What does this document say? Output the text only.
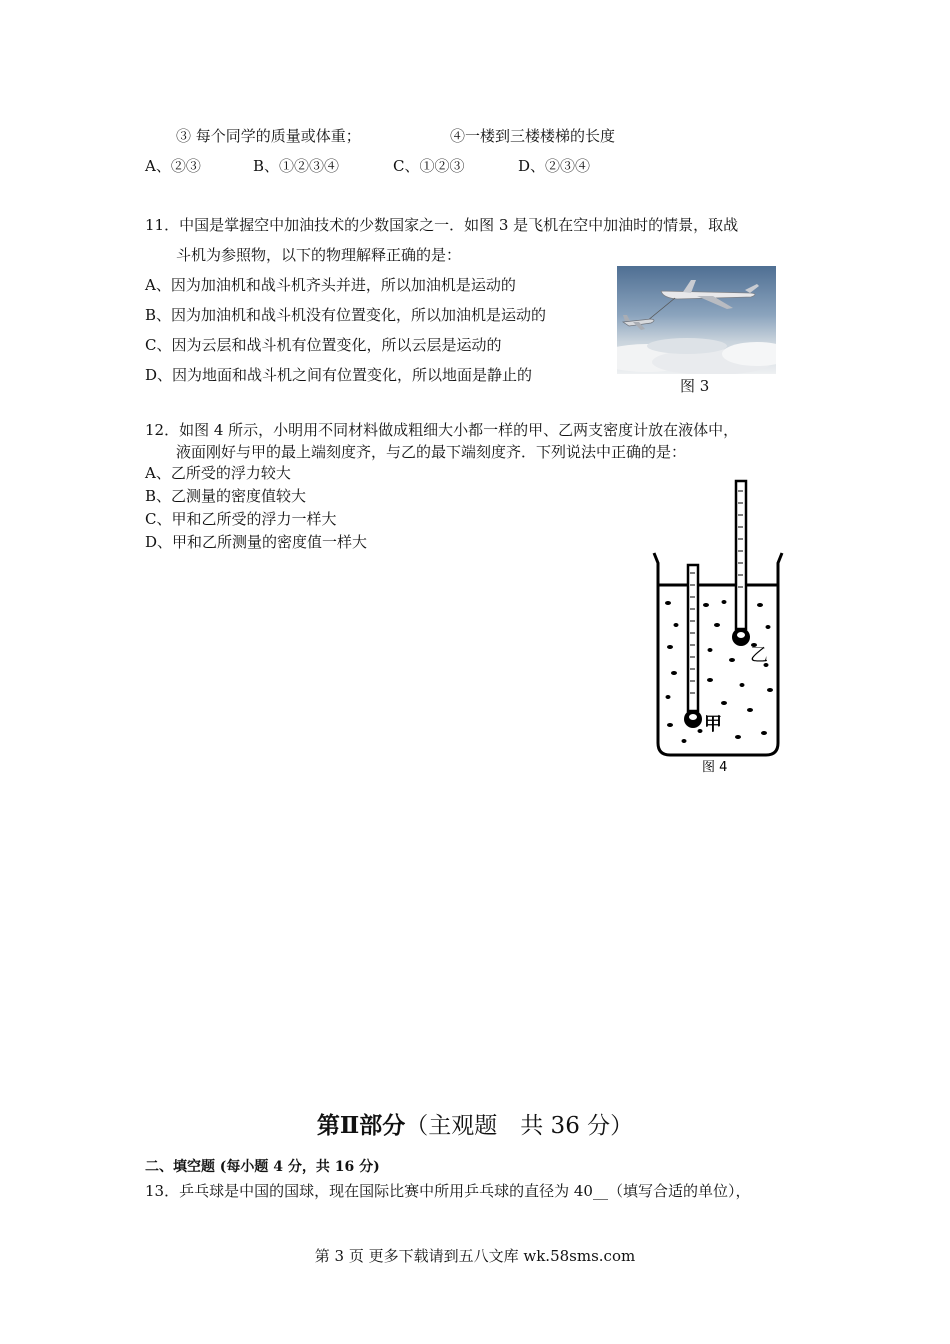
③ 每个同学的质量或体重；	④一楼到三楼楼梯的长度
A、②③	B、①②③④	C、①②③	D、②③④
11．中国是掌握空中加油技术的少数国家之一．如图 3 是飞机在空中加油时的情景，取战
斗机为参照物，以下的物理解释正确的是：
A、因为加油机和战斗机齐头并进，所以加油机是运动的
B、因为加油机和战斗机没有位置变化，所以加油机是运动的
C、因为云层和战斗机有位置变化，所以云层是运动的
D、因为地面和战斗机之间有位置变化，所以地面是静止的
图 3
12．如图 4 所示，小明用不同材料做成粗细大小都一样的甲、乙两支密度计放在液体中，
液面刚好与甲的最上端刻度齐，与乙的最下端刻度齐．下列说法中正确的是：
A、乙所受的浮力较大
B、乙测量的密度值较大
C、甲和乙所受的浮力一样大
D、甲和乙所测量的密度值一样大
甲
乙
图 4
第Ⅱ部分（主观题　共 36 分）
二、填空题 (每小题 4 分，共 16 分)
13．乒乓球是中国的国球，现在国际比赛中所用乒乓球的直径为 40__（填写合适的单位），
第 3 页 更多下载请到五八文库 wk.58sms.com
